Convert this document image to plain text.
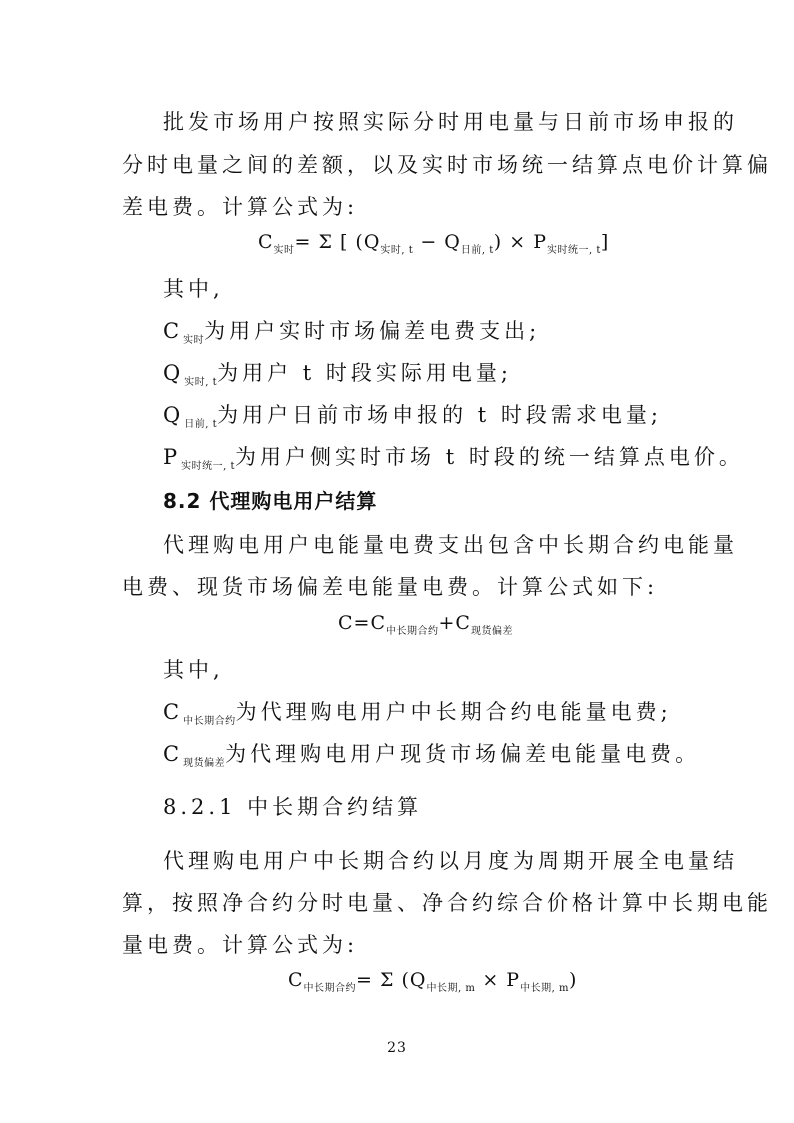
批发市场用户按照实际分时用电量与日前市场申报的
分时电量之间的差额，以及实时市场统一结算点电价计算偏
差电费。计算公式为:
$C_{实时}= \Sigma$ [ $(Q_{实时, t} - Q_{日前, t}) \times P_{实时统一, t}$]
其中,
$C_{实时}$为用户实时市场偏差电费支出;
$Q_{实时, t}$为用户 t 时段实际用电量;
$Q_{日前, t}$为用户日前市场申报的 t 时段需求电量;
$P_{实时统一, t}$为用户侧实时市场 t 时段的统一结算点电价。
8.2 代理购电用户结算
代理购电用户电能量电费支出包含中长期合约电能量
电费、现货市场偏差电能量电费。计算公式如下:
$C=C_{中长期合约}+C_{现货偏差}$
其中,
$C_{中长期合约}$为代理购电用户中长期合约电能量电费;
$C_{现货偏差}$为代理购电用户现货市场偏差电能量电费。
8.2.1 中长期合约结算
代理购电用户中长期合约以月度为周期开展全电量结
算，按照净合约分时电量、净合约综合价格计算中长期电能
量电费。计算公式为:
$C_{中长期合约}= \Sigma$ $(Q_{中长期, m} \times P_{中长期, m})$
23
